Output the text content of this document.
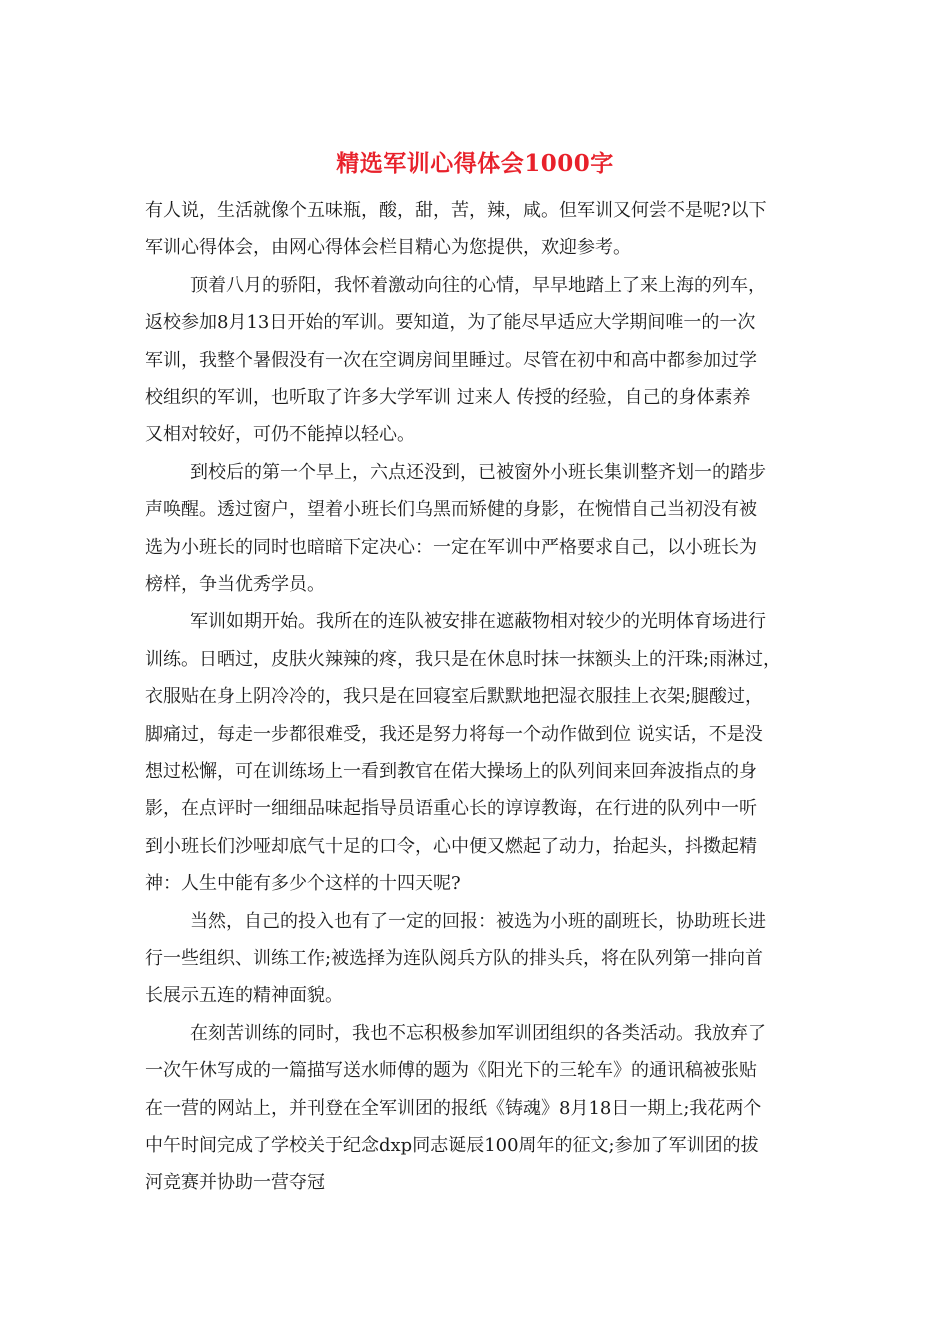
精选军训心得体会1000字
有人说，生活就像个五味瓶，酸，甜，苦，辣，咸。但军训又何尝不是呢?以下
军训心得体会，由网心得体会栏目精心为您提供，欢迎参考。
顶着八月的骄阳，我怀着激动向往的心情，早早地踏上了来上海的列车，
返校参加8月13日开始的军训。要知道，为了能尽早适应大学期间唯一的一次
军训，我整个暑假没有一次在空调房间里睡过。尽管在初中和高中都参加过学
校组织的军训，也听取了许多大学军训 过来人 传授的经验，自己的身体素养
又相对较好，可仍不能掉以轻心。
到校后的第一个早上，六点还没到，已被窗外小班长集训整齐划一的踏步
声唤醒。透过窗户，望着小班长们乌黑而矫健的身影，在惋惜自己当初没有被
选为小班长的同时也暗暗下定决心：一定在军训中严格要求自己，以小班长为
榜样，争当优秀学员。
军训如期开始。我所在的连队被安排在遮蔽物相对较少的光明体育场进行
训练。日晒过，皮肤火辣辣的疼，我只是在休息时抹一抹额头上的汗珠;雨淋过，
衣服贴在身上阴冷冷的，我只是在回寝室后默默地把湿衣服挂上衣架;腿酸过，
脚痛过，每走一步都很难受，我还是努力将每一个动作做到位 说实话，不是没
想过松懈，可在训练场上一看到教官在偌大操场上的队列间来回奔波指点的身
影，在点评时一细细品味起指导员语重心长的谆谆教诲，在行进的队列中一听
到小班长们沙哑却底气十足的口令，心中便又燃起了动力，抬起头，抖擞起精
神：人生中能有多少个这样的十四天呢?
当然，自己的投入也有了一定的回报：被选为小班的副班长，协助班长进
行一些组织、训练工作;被选择为连队阅兵方队的排头兵，将在队列第一排向首
长展示五连的精神面貌。
在刻苦训练的同时，我也不忘积极参加军训团组织的各类活动。我放弃了
一次午休写成的一篇描写送水师傅的题为《阳光下的三轮车》的通讯稿被张贴
在一营的网站上，并刊登在全军训团的报纸《铸魂》8月18日一期上;我花两个
中午时间完成了学校关于纪念dxp同志诞辰100周年的征文;参加了军训团的拔
河竞赛并协助一营夺冠
